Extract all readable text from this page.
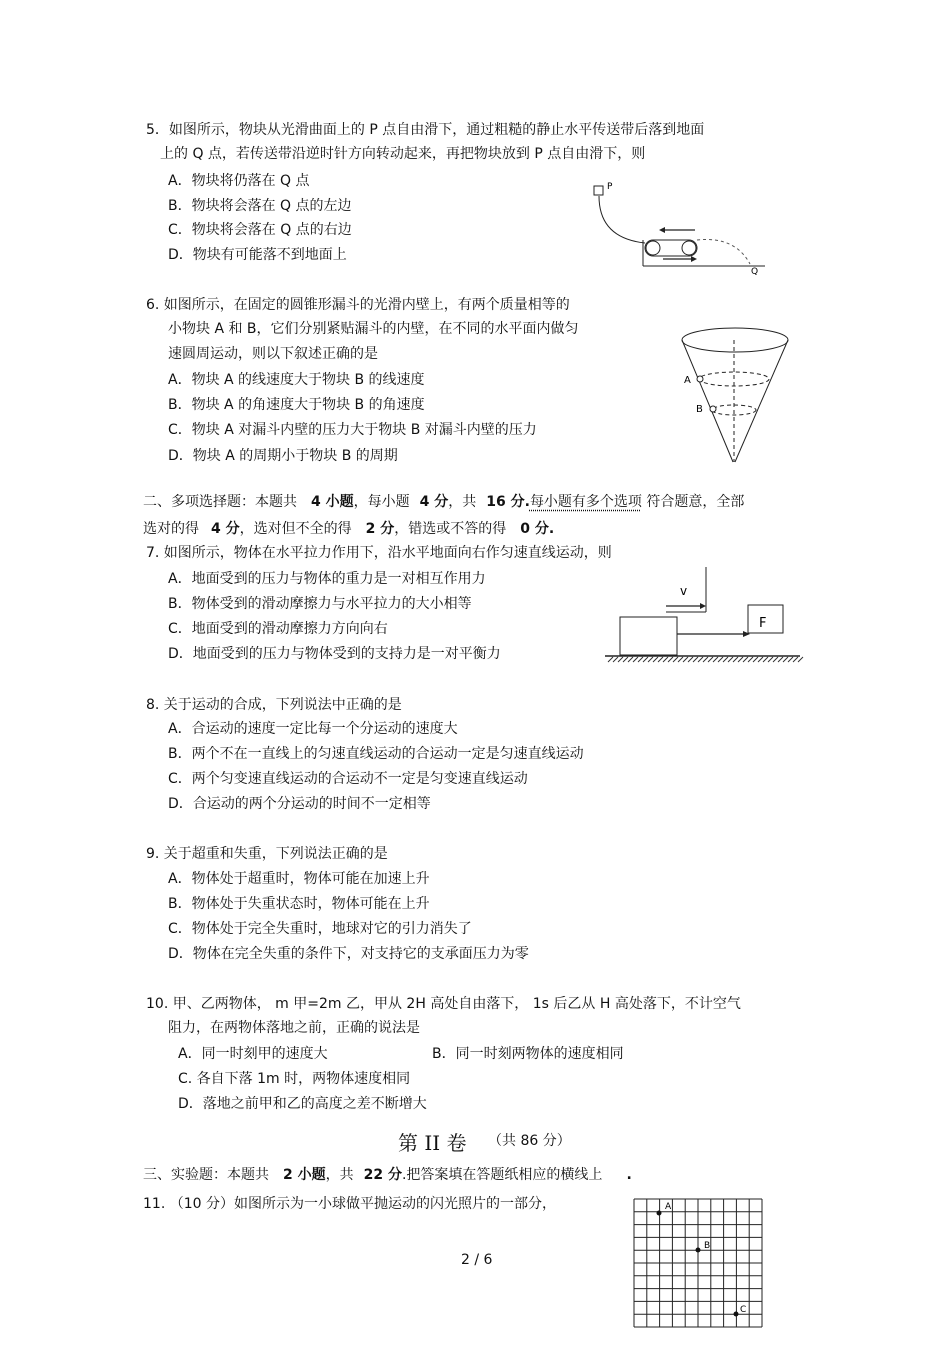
5．如图所示，物块从光滑曲面上的 P 点自由滑下，通过粗糙的静止水平传送带后落到地面
上的 Q 点，若传送带沿逆时针方向转动起来，再把物块放到 P 点自由滑下，则
A．物块将仍落在 Q 点
B．物块将会落在 Q 点的左边
C．物块将会落在 Q 点的右边
D．物块有可能落不到地面上
P
Q
6. 如图所示，在固定的圆锥形漏斗的光滑内壁上，有两个质量相等的
小物块 A 和 B，它们分别紧贴漏斗的内壁，在不同的水平面内做匀
速圆周运动，则以下叙述正确的是
A．物块 A 的线速度大于物块 B 的线速度
B．物块 A 的角速度大于物块 B 的角速度
C．物块 A 对漏斗内壁的压力大于物块 B 对漏斗内壁的压力
D．物块 A 的周期小于物块 B 的周期
A
B
二、多项选择题：本题共 4 小题，每小题 4 分，共 16 分.每小题有多个选项 符合题意，全部
选对的得 4 分，选对但不全的得 2 分，错选或不答的得 0 分.
7. 如图所示，物体在水平拉力作用下，沿水平地面向右作匀速直线运动，则
A．地面受到的压力与物体的重力是一对相互作用力
B．物体受到的滑动摩擦力与水平拉力的大小相等
C．地面受到的滑动摩擦力方向向右
D．地面受到的压力与物体受到的支持力是一对平衡力
v
F
8. 关于运动的合成，下列说法中正确的是
A．合运动的速度一定比每一个分运动的速度大
B．两个不在一直线上的匀速直线运动的合运动一定是匀速直线运动
C．两个匀变速直线运动的合运动不一定是匀变速直线运动
D．合运动的两个分运动的时间不一定相等
9. 关于超重和失重，下列说法正确的是
A．物体处于超重时，物体可能在加速上升
B．物体处于失重状态时，物体可能在上升
C．物体处于完全失重时，地球对它的引力消失了
D．物体在完全失重的条件下，对支持它的支承面压力为零
10. 甲、乙两物体， m 甲=2m 乙，甲从 2H 高处自由落下， 1s 后乙从 H 高处落下，不计空气
阻力，在两物体落地之前，正确的说法是
A．同一时刻甲的速度大	B．同一时刻两物体的速度相同
C. 各自下落 1m 时，两物体速度相同
D．落地之前甲和乙的高度之差不断增大
第 II 卷 （共 86 分）
三、实验题：本题共 2 小题，共 22 分.把答案填在答题纸相应的横线上 .
11. （10 分）如图所示为一小球做平抛运动的闪光照片的一部分，	A
B
C
2 / 6
